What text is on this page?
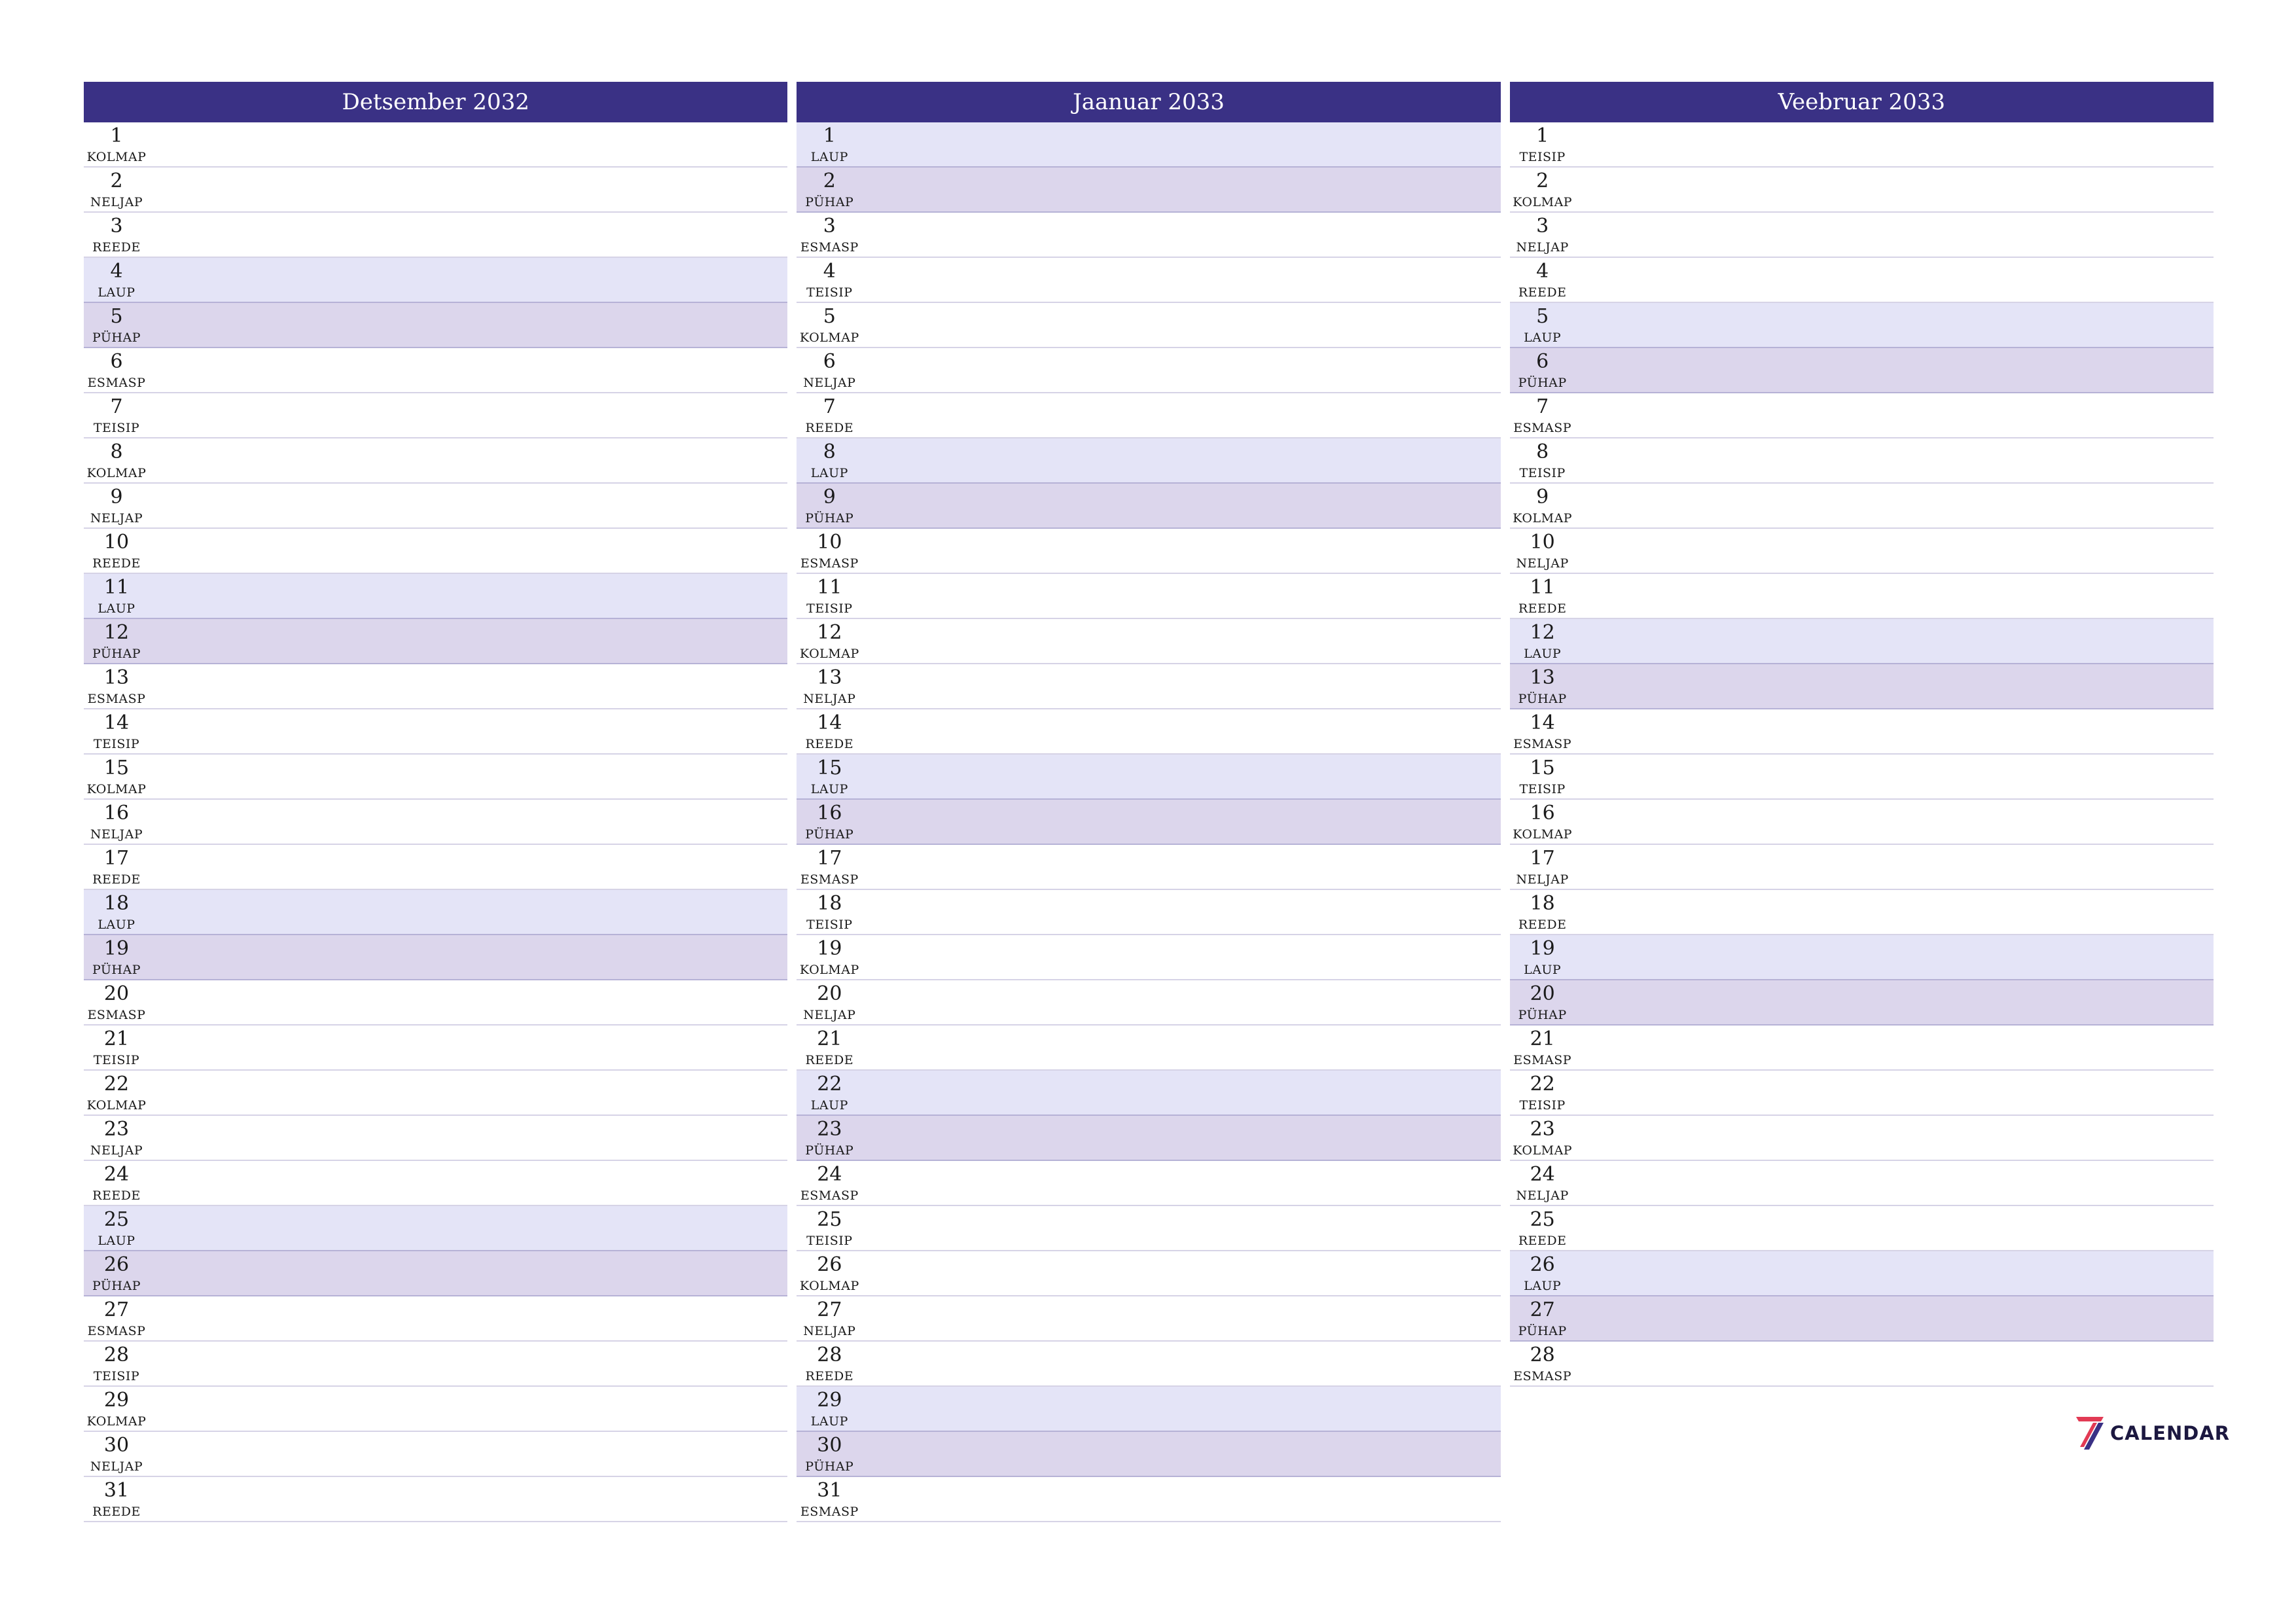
Detsember 2032
1
KOLMAP
2
NELJAP
3
REEDE
4
LAUP
5
PÜHAP
6
ESMASP
7
TEISIP
8
KOLMAP
9
NELJAP
10
REEDE
11
LAUP
12
PÜHAP
13
ESMASP
14
TEISIP
15
KOLMAP
16
NELJAP
17
REEDE
18
LAUP
19
PÜHAP
20
ESMASP
21
TEISIP
22
KOLMAP
23
NELJAP
24
REEDE
25
LAUP
26
PÜHAP
27
ESMASP
28
TEISIP
29
KOLMAP
30
NELJAP
31
REEDE
Jaanuar 2033
1
LAUP
2
PÜHAP
3
ESMASP
4
TEISIP
5
KOLMAP
6
NELJAP
7
REEDE
8
LAUP
9
PÜHAP
10
ESMASP
11
TEISIP
12
KOLMAP
13
NELJAP
14
REEDE
15
LAUP
16
PÜHAP
17
ESMASP
18
TEISIP
19
KOLMAP
20
NELJAP
21
REEDE
22
LAUP
23
PÜHAP
24
ESMASP
25
TEISIP
26
KOLMAP
27
NELJAP
28
REEDE
29
LAUP
30
PÜHAP
31
ESMASP
Veebruar 2033
1
TEISIP
2
KOLMAP
3
NELJAP
4
REEDE
5
LAUP
6
PÜHAP
7
ESMASP
8
TEISIP
9
KOLMAP
10
NELJAP
11
REEDE
12
LAUP
13
PÜHAP
14
ESMASP
15
TEISIP
16
KOLMAP
17
NELJAP
18
REEDE
19
LAUP
20
PÜHAP
21
ESMASP
22
TEISIP
23
KOLMAP
24
NELJAP
25
REEDE
26
LAUP
27
PÜHAP
28
ESMASP
CALENDAR
